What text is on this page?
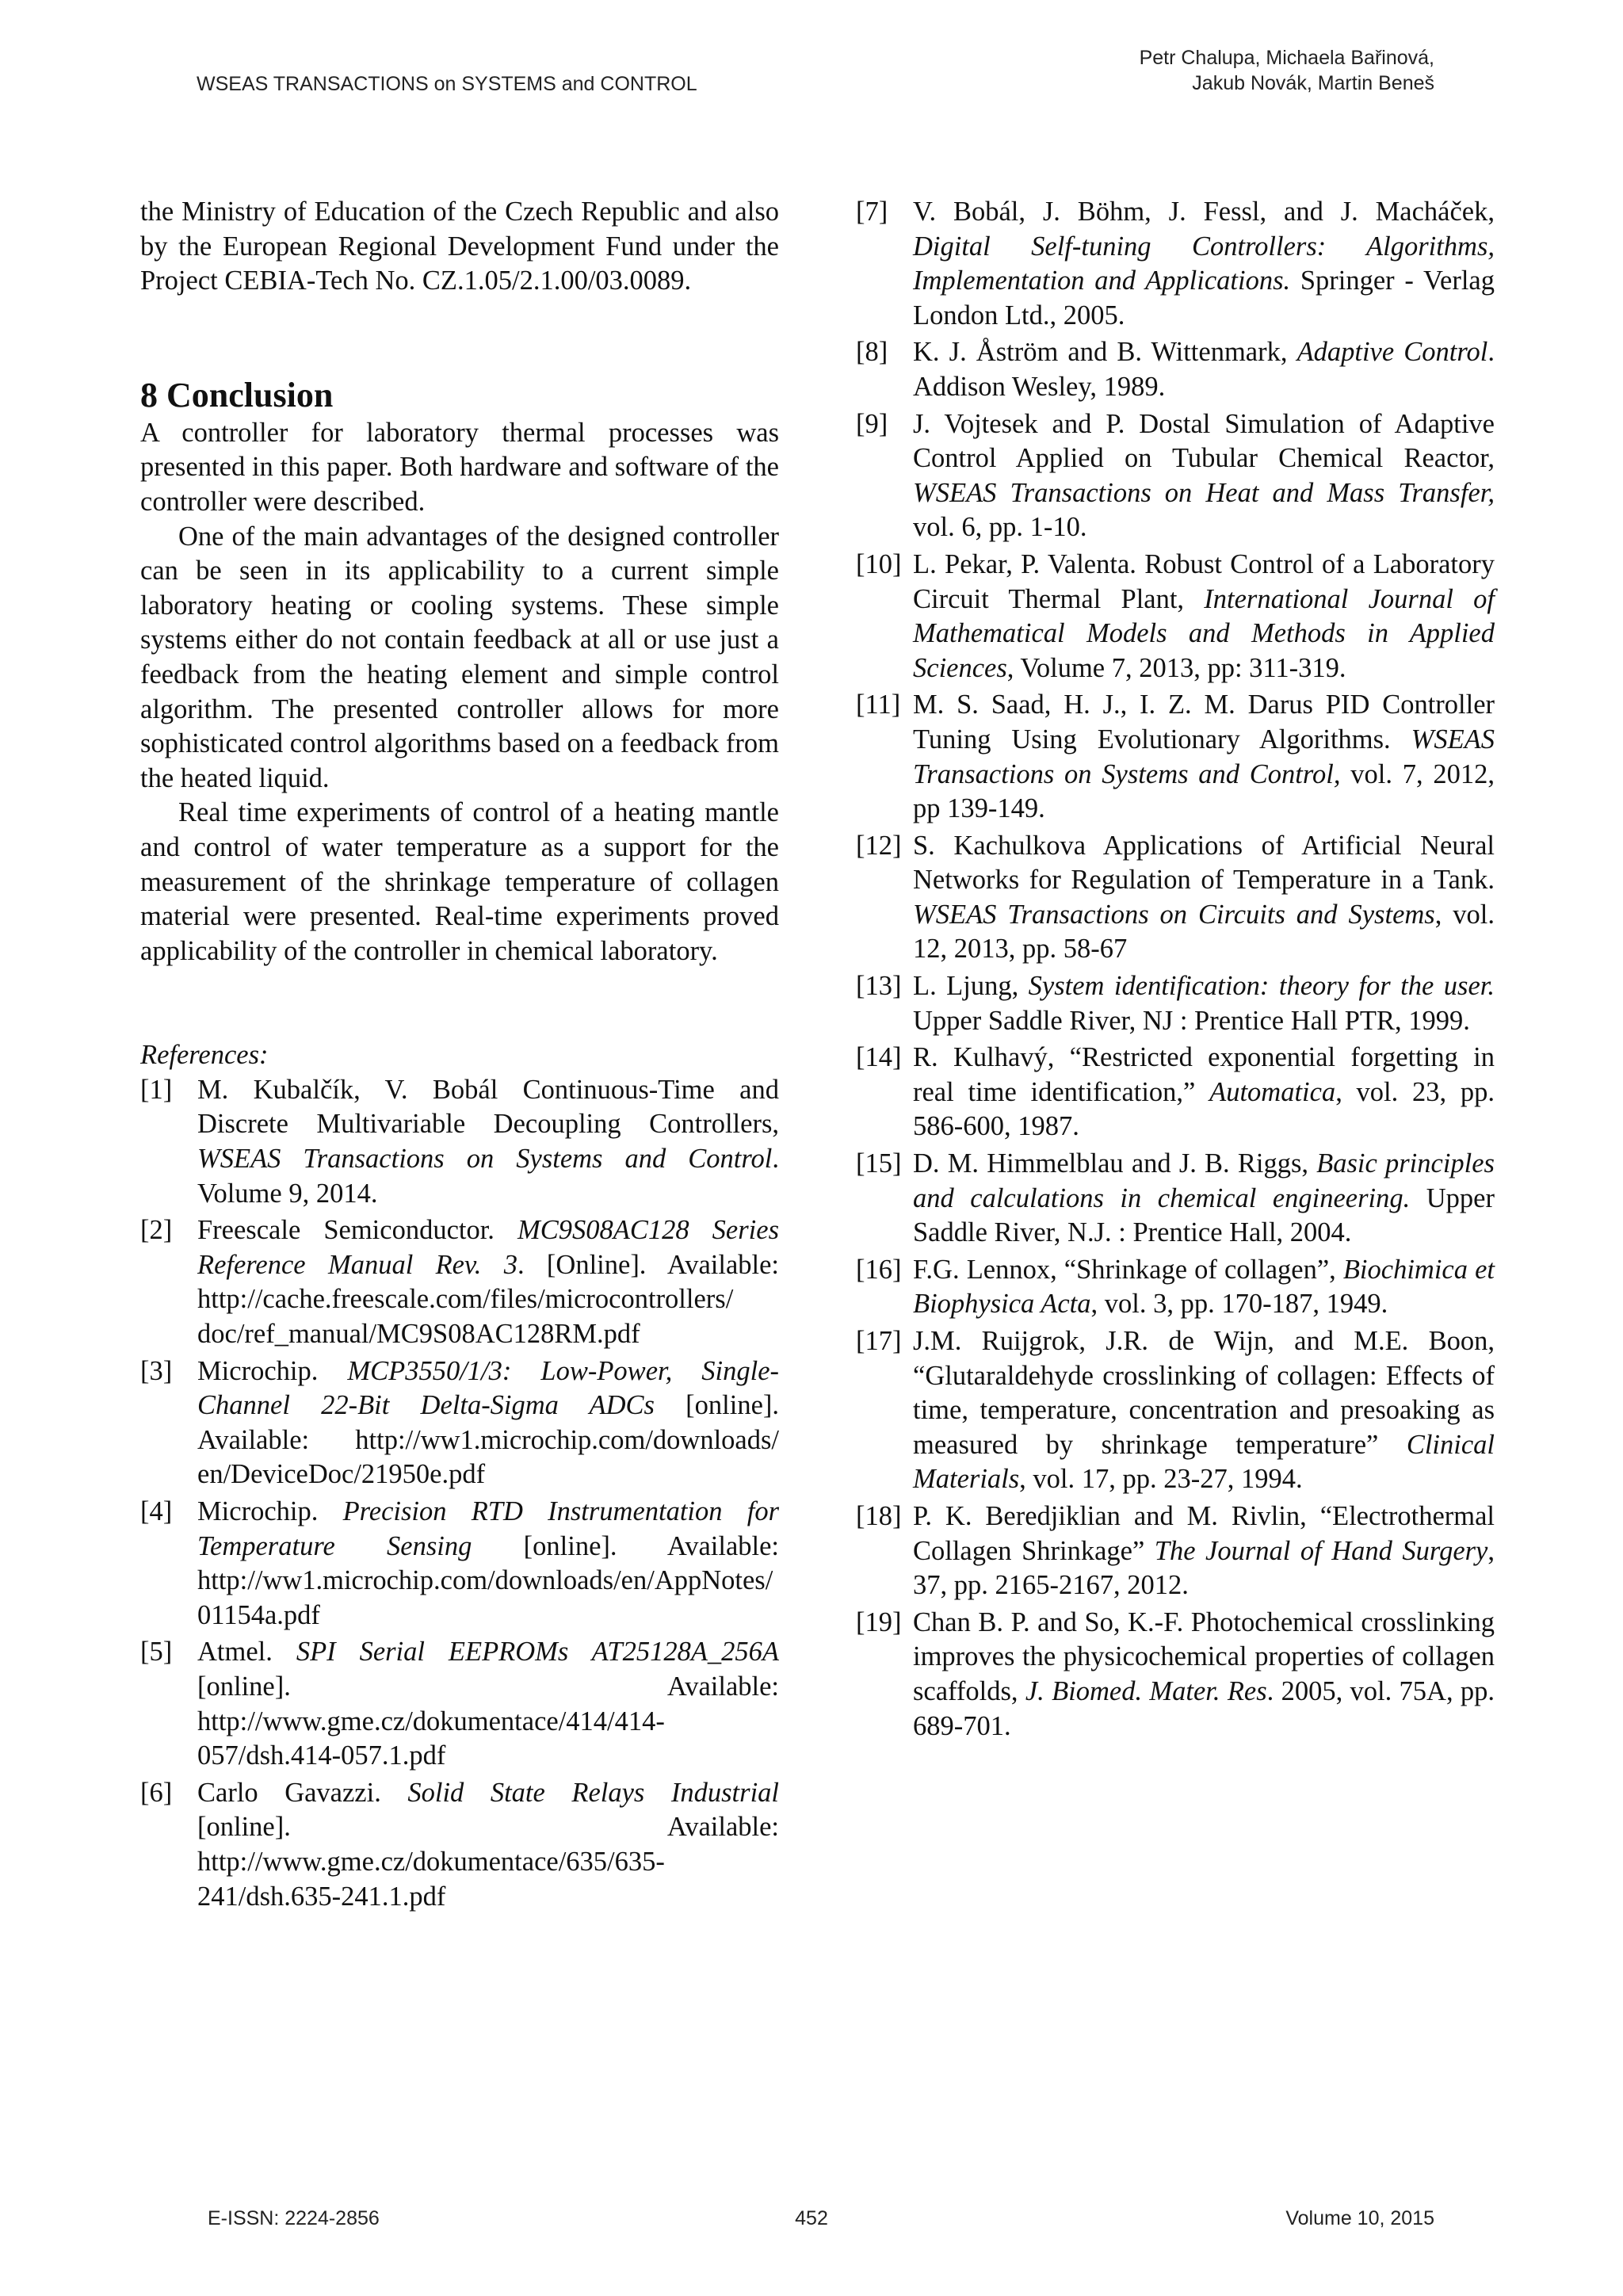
WSEAS TRANSACTIONS on SYSTEMS and CONTROL
Petr Chalupa, Michaela Bařinová,
Jakub Novák, Martin Beneš

the Ministry of Education of the Czech Republic and also by the European Regional Development Fund under the Project CEBIA-Tech No. CZ.1.05/2.1.00/03.0089.

8 Conclusion

A controller for laboratory thermal processes was presented in this paper. Both hardware and software of the controller were described.

One of the main advantages of the designed controller can be seen in its applicability to a current simple laboratory heating or cooling systems. These simple systems either do not contain feedback at all or use just a feedback from the heating element and simple control algorithm. The presented controller allows for more sophisticated control algorithms based on a feedback from the heated liquid.

Real time experiments of control of a heating mantle and control of water temperature as a support for the measurement of the shrinkage temperature of collagen material were presented. Real-time experiments proved applicability of the controller in chemical laboratory.

References:

[1] M. Kubalčík, V. Bobál Continuous-Time and Discrete Multivariable Decoupling Controllers, WSEAS Transactions on Systems and Control. Volume 9, 2014.
[2] Freescale Semiconductor. MC9S08AC128 Series Reference Manual Rev. 3. [Online]. Available: http://cache.freescale.com/files/microcontrollers/ doc/ref_manual/MC9S08AC128RM.pdf
[3] Microchip. MCP3550/1/3: Low-Power, Single-Channel 22-Bit Delta-Sigma ADCs [online]. Available: http://ww1.microchip.com/downloads/ en/DeviceDoc/21950e.pdf
[4] Microchip. Precision RTD Instrumentation for Temperature Sensing [online]. Available: http://ww1.microchip.com/downloads/en/AppNotes/ 01154a.pdf
[5] Atmel. SPI Serial EEPROMs AT25128A_256A [online]. Available: http://www.gme.cz/dokumentace/414/414-057/dsh.414-057.1.pdf
[6] Carlo Gavazzi. Solid State Relays Industrial [online]. Available: http://www.gme.cz/dokumentace/635/635-241/dsh.635-241.1.pdf
[7] V. Bobál, J. Böhm, J. Fessl, and J. Macháček, Digital Self-tuning Controllers: Algorithms, Implementation and Applications. Springer - Verlag London Ltd., 2005.
[8] K. J. Åström and B. Wittenmark, Adaptive Control. Addison Wesley, 1989.
[9] J. Vojtesek and P. Dostal Simulation of Adaptive Control Applied on Tubular Chemical Reactor, WSEAS Transactions on Heat and Mass Transfer, vol. 6, pp. 1-10.
[10] L. Pekar, P. Valenta. Robust Control of a Laboratory Circuit Thermal Plant, International Journal of Mathematical Models and Methods in Applied Sciences, Volume 7, 2013, pp: 311-319.
[11] M. S. Saad, H. J., I. Z. M. Darus PID Controller Tuning Using Evolutionary Algorithms. WSEAS Transactions on Systems and Control, vol. 7, 2012, pp 139-149.
[12] S. Kachulkova Applications of Artificial Neural Networks for Regulation of Temperature in a Tank. WSEAS Transactions on Circuits and Systems, vol. 12, 2013, pp. 58-67
[13] L. Ljung, System identification: theory for the user. Upper Saddle River, NJ : Prentice Hall PTR, 1999.
[14] R. Kulhavý, “Restricted exponential forgetting in real time identification,” Automatica, vol. 23, pp. 586-600, 1987.
[15] D. M. Himmelblau and J. B. Riggs, Basic principles and calculations in chemical engineering. Upper Saddle River, N.J. : Prentice Hall, 2004.
[16] F.G. Lennox, “Shrinkage of collagen”, Biochimica et Biophysica Acta, vol. 3, pp. 170-187, 1949.
[17] J.M. Ruijgrok, J.R. de Wijn, and M.E. Boon, “Glutaraldehyde crosslinking of collagen: Effects of time, temperature, concentration and presoaking as measured by shrinkage temperature” Clinical Materials, vol. 17, pp. 23-27, 1994.
[18] P. K. Beredjiklian and M. Rivlin, “Electrothermal Collagen Shrinkage” The Journal of Hand Surgery, 37, pp. 2165-2167, 2012.
[19] Chan B. P. and So, K.-F. Photochemical crosslinking improves the physicochemical properties of collagen scaffolds, J. Biomed. Mater. Res. 2005, vol. 75A, pp. 689-701.
E-ISSN: 2224-2856	452	Volume 10, 2015
